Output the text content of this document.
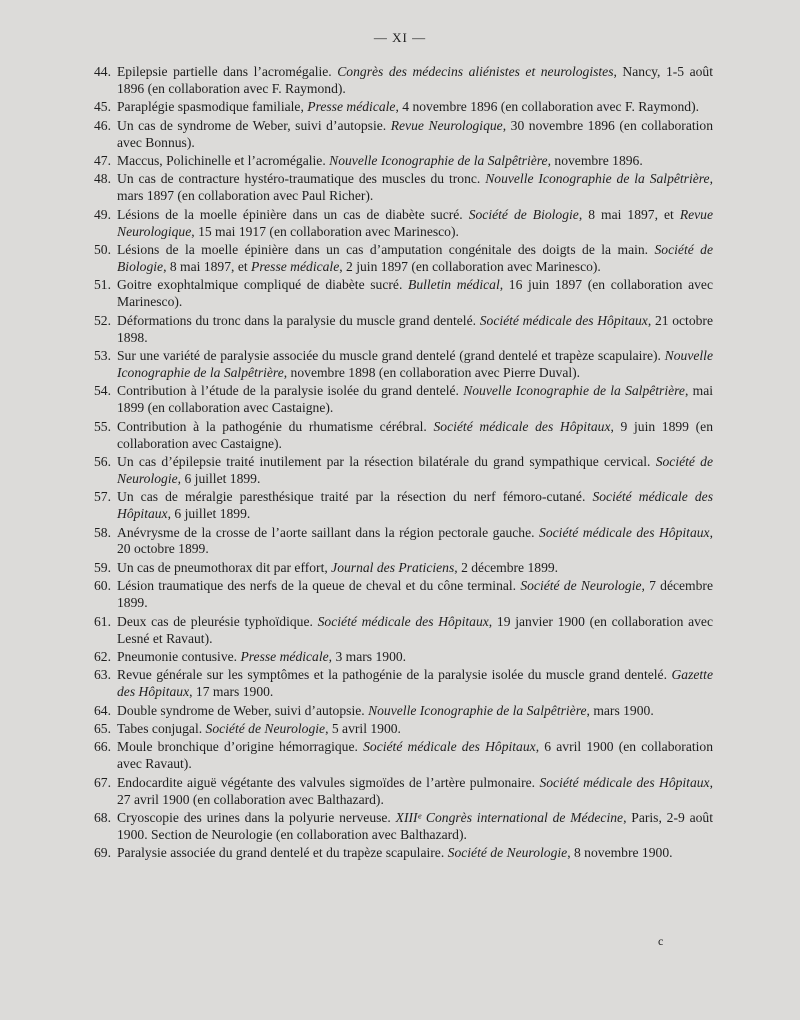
— XI —
44. Epilepsie partielle dans l’acromégalie. Congrès des médecins aliénistes et neurologistes, Nancy, 1-5 août 1896 (en collaboration avec F. Raymond).
45. Paraplégie spasmodique familiale, Presse médicale, 4 novembre 1896 (en collaboration avec F. Raymond).
46. Un cas de syndrome de Weber, suivi d’autopsie. Revue Neurologique, 30 novembre 1896 (en collaboration avec Bonnus).
47. Maccus, Polichinelle et l’acromégalie. Nouvelle Iconographie de la Salpêtrière, novembre 1896.
48. Un cas de contracture hystéro-traumatique des muscles du tronc. Nouvelle Iconographie de la Salpêtrière, mars 1897 (en collaboration avec Paul Richer).
49. Lésions de la moelle épinière dans un cas de diabète sucré. Société de Biologie, 8 mai 1897, et Revue Neurologique, 15 mai 1917 (en collaboration avec Marinesco).
50. Lésions de la moelle épinière dans un cas d’amputation congénitale des doigts de la main. Société de Biologie, 8 mai 1897, et Presse médicale, 2 juin 1897 (en collaboration avec Marinesco).
51. Goitre exophtalmique compliqué de diabète sucré. Bulletin médical, 16 juin 1897 (en collaboration avec Marinesco).
52. Déformations du tronc dans la paralysie du muscle grand dentelé. Société médicale des Hôpitaux, 21 octobre 1898.
53. Sur une variété de paralysie associée du muscle grand dentelé (grand dentelé et trapèze scapulaire). Nouvelle Iconographie de la Salpêtrière, novembre 1898 (en collaboration avec Pierre Duval).
54. Contribution à l’étude de la paralysie isolée du grand dentelé. Nouvelle Iconographie de la Salpêtrière, mai 1899 (en collaboration avec Castaigne).
55. Contribution à la pathogénie du rhumatisme cérébral. Société médicale des Hôpitaux, 9 juin 1899 (en collaboration avec Castaigne).
56. Un cas d’épilepsie traité inutilement par la résection bilatérale du grand sympathique cervical. Société de Neurologie, 6 juillet 1899.
57. Un cas de méralgie paresthésique traité par la résection du nerf fémoro-cutané. Société médicale des Hôpitaux, 6 juillet 1899.
58. Anévrysme de la crosse de l’aorte saillant dans la région pectorale gauche. Société médicale des Hôpitaux, 20 octobre 1899.
59. Un cas de pneumothorax dit par effort, Journal des Praticiens, 2 décembre 1899.
60. Lésion traumatique des nerfs de la queue de cheval et du cône terminal. Société de Neurologie, 7 décembre 1899.
61. Deux cas de pleurésie typhoïdique. Société médicale des Hôpitaux, 19 janvier 1900 (en collaboration avec Lesné et Ravaut).
62. Pneumonie contusive. Presse médicale, 3 mars 1900.
63. Revue générale sur les symptômes et la pathogénie de la paralysie isolée du muscle grand dentelé. Gazette des Hôpitaux, 17 mars 1900.
64. Double syndrome de Weber, suivi d’autopsie. Nouvelle Iconographie de la Salpêtrière, mars 1900.
65. Tabes conjugal. Société de Neurologie, 5 avril 1900.
66. Moule bronchique d’origine hémorragique. Société médicale des Hôpitaux, 6 avril 1900 (en collaboration avec Ravaut).
67. Endocardite aiguë végétante des valvules sigmoïdes de l’artère pulmonaire. Société médicale des Hôpitaux, 27 avril 1900 (en collaboration avec Balthazard).
68. Cryoscopie des urines dans la polyurie nerveuse. XIIIᵉ Congrès international de Médecine, Paris, 2-9 août 1900. Section de Neurologie (en collaboration avec Balthazard).
69. Paralysie associée du grand dentelé et du trapèze scapulaire. Société de Neurologie, 8 novembre 1900.
c
